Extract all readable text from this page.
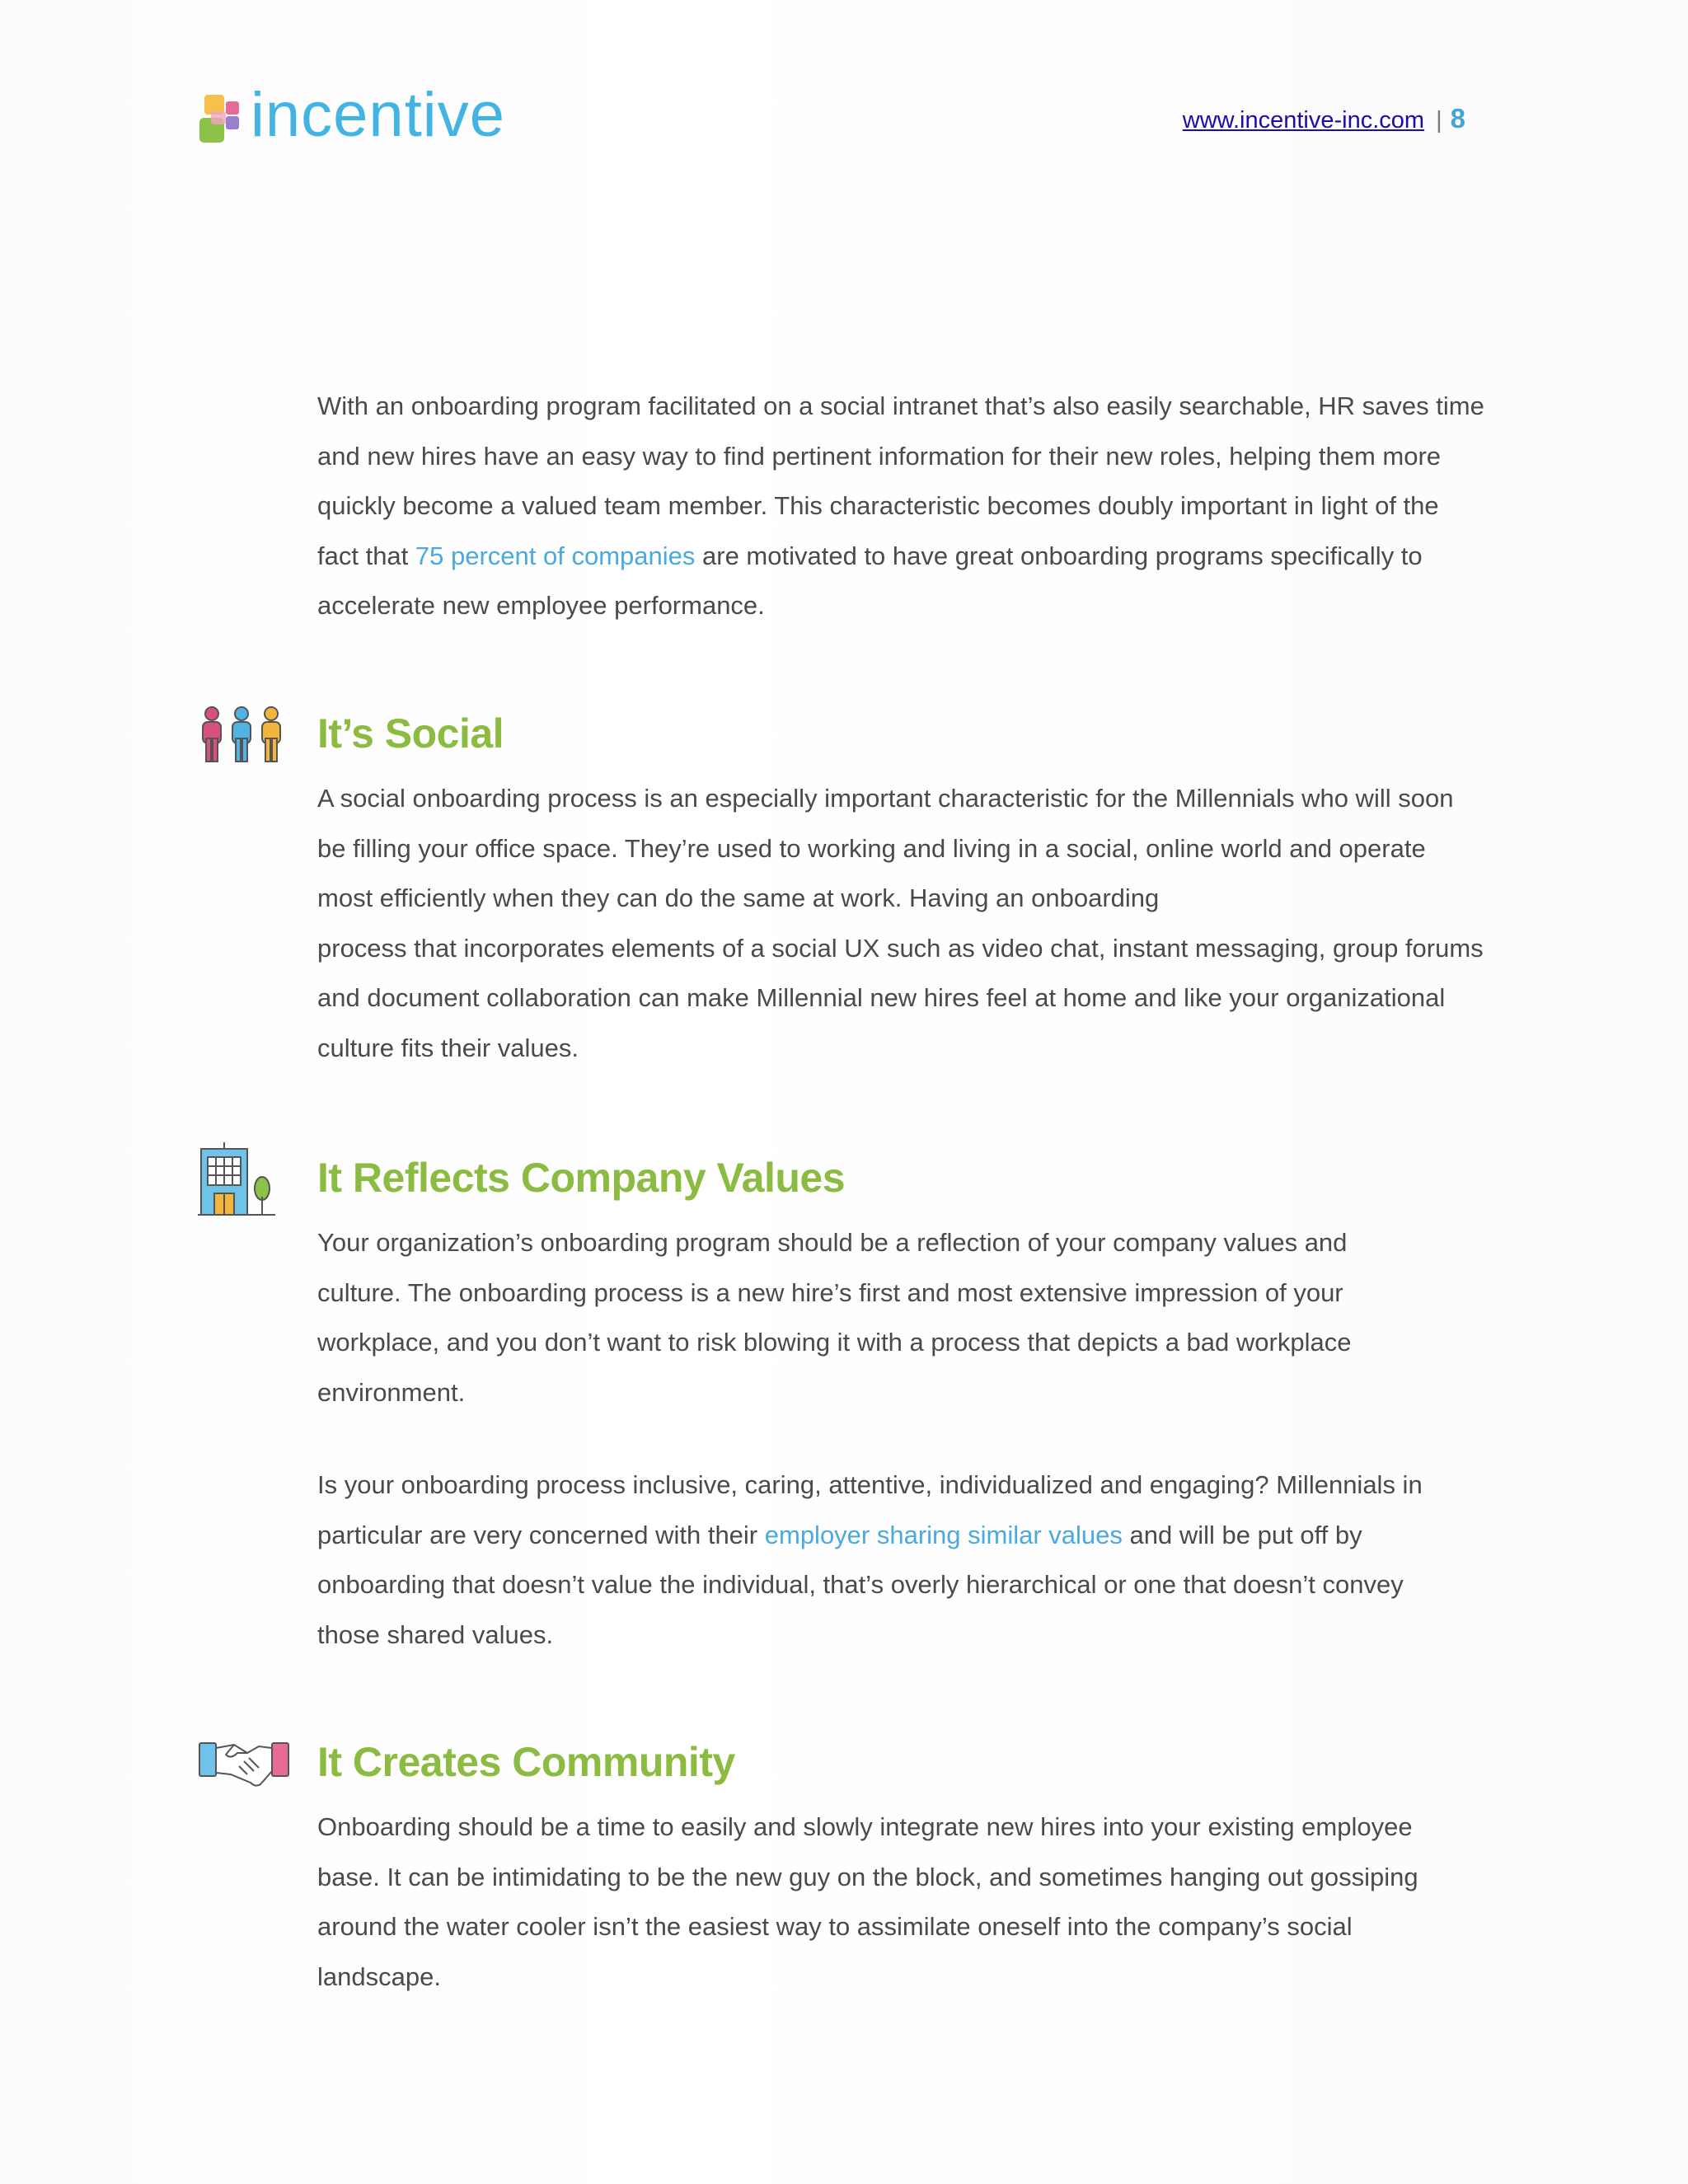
incentive	www.incentive-inc.com | 8

With an onboarding program facilitated on a social intranet that’s also easily searchable, HR saves time

and new hires have an easy way to find pertinent information for their new roles, helping them more

quickly become a valued team member. This characteristic becomes doubly important in light of the

fact that 75 percent of companies are motivated to have great onboarding programs specifically to

accelerate new employee performance.

It’s Social

A social onboarding process is an especially important characteristic for the Millennials who will soon

be filling your office space. They’re used to working and living in a social, online world and operate

most efficiently when they can do the same at work. Having an onboarding

process that incorporates elements of a social UX such as video chat, instant messaging, group forums

and document collaboration can make Millennial new hires feel at home and like your organizational

culture fits their values.

It Reflects Company Values

Your organization’s onboarding program should be a reflection of your company values and

culture. The onboarding process is a new hire’s first and most extensive impression of your

workplace, and you don’t want to risk blowing it with a process that depicts a bad workplace

environment.

Is your onboarding process inclusive, caring, attentive, individualized and engaging? Millennials in

particular are very concerned with their employer sharing similar values and will be put off by

onboarding that doesn’t value the individual, that’s overly hierarchical or one that doesn’t convey

those shared values.

It Creates Community

Onboarding should be a time to easily and slowly integrate new hires into your existing employee

base. It can be intimidating to be the new guy on the block, and sometimes hanging out gossiping

around the water cooler isn’t the easiest way to assimilate oneself into the company’s social

landscape.
